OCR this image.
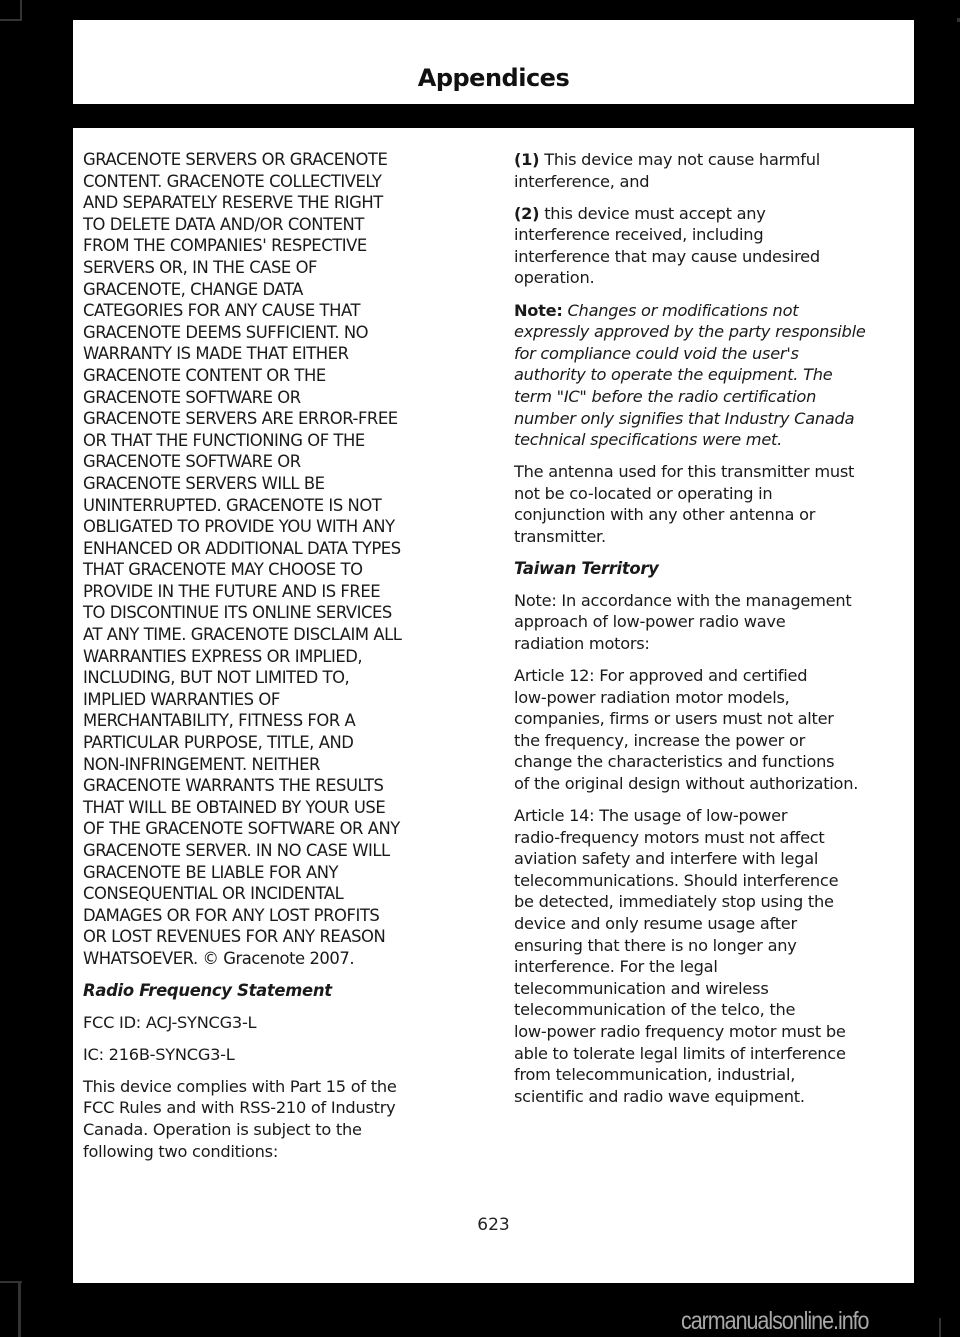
Appendices

GRACENOTE SERVERS OR GRACENOTE
CONTENT. GRACENOTE COLLECTIVELY
AND SEPARATELY RESERVE THE RIGHT
TO DELETE DATA AND/OR CONTENT
FROM THE COMPANIES' RESPECTIVE
SERVERS OR, IN THE CASE OF
GRACENOTE, CHANGE DATA
CATEGORIES FOR ANY CAUSE THAT
GRACENOTE DEEMS SUFFICIENT. NO
WARRANTY IS MADE THAT EITHER
GRACENOTE CONTENT OR THE
GRACENOTE SOFTWARE OR
GRACENOTE SERVERS ARE ERROR-FREE
OR THAT THE FUNCTIONING OF THE
GRACENOTE SOFTWARE OR
GRACENOTE SERVERS WILL BE
UNINTERRUPTED. GRACENOTE IS NOT
OBLIGATED TO PROVIDE YOU WITH ANY
ENHANCED OR ADDITIONAL DATA TYPES
THAT GRACENOTE MAY CHOOSE TO
PROVIDE IN THE FUTURE AND IS FREE
TO DISCONTINUE ITS ONLINE SERVICES
AT ANY TIME. GRACENOTE DISCLAIM ALL
WARRANTIES EXPRESS OR IMPLIED,
INCLUDING, BUT NOT LIMITED TO,
IMPLIED WARRANTIES OF
MERCHANTABILITY, FITNESS FOR A
PARTICULAR PURPOSE, TITLE, AND
NON-INFRINGEMENT. NEITHER
GRACENOTE WARRANTS THE RESULTS
THAT WILL BE OBTAINED BY YOUR USE
OF THE GRACENOTE SOFTWARE OR ANY
GRACENOTE SERVER. IN NO CASE WILL
GRACENOTE BE LIABLE FOR ANY
CONSEQUENTIAL OR INCIDENTAL
DAMAGES OR FOR ANY LOST PROFITS
OR LOST REVENUES FOR ANY REASON
WHATSOEVER. © Gracenote 2007.

Radio Frequency Statement

FCC ID: ACJ-SYNCG3-L

IC: 216B-SYNCG3-L

This device complies with Part 15 of the
FCC Rules and with RSS-210 of Industry
Canada. Operation is subject to the
following two conditions:

(1) This device may not cause harmful
interference, and

(2) this device must accept any
interference received, including
interference that may cause undesired
operation.

Note: Changes or modifications not
expressly approved by the party responsible
for compliance could void the user's
authority to operate the equipment. The
term "IC" before the radio certification
number only signifies that Industry Canada
technical specifications were met.

The antenna used for this transmitter must
not be co-located or operating in
conjunction with any other antenna or
transmitter.

Taiwan Territory

Note: In accordance with the management
approach of low-power radio wave
radiation motors:

Article 12: For approved and certified
low-power radiation motor models,
companies, firms or users must not alter
the frequency, increase the power or
change the characteristics and functions
of the original design without authorization.

Article 14: The usage of low-power
radio-frequency motors must not affect
aviation safety and interfere with legal
telecommunications. Should interference
be detected, immediately stop using the
device and only resume usage after
ensuring that there is no longer any
interference. For the legal
telecommunication and wireless
telecommunication of the telco, the
low-power radio frequency motor must be
able to tolerate legal limits of interference
from telecommunication, industrial,
scientific and radio wave equipment.

623
carmanualsonline.info
